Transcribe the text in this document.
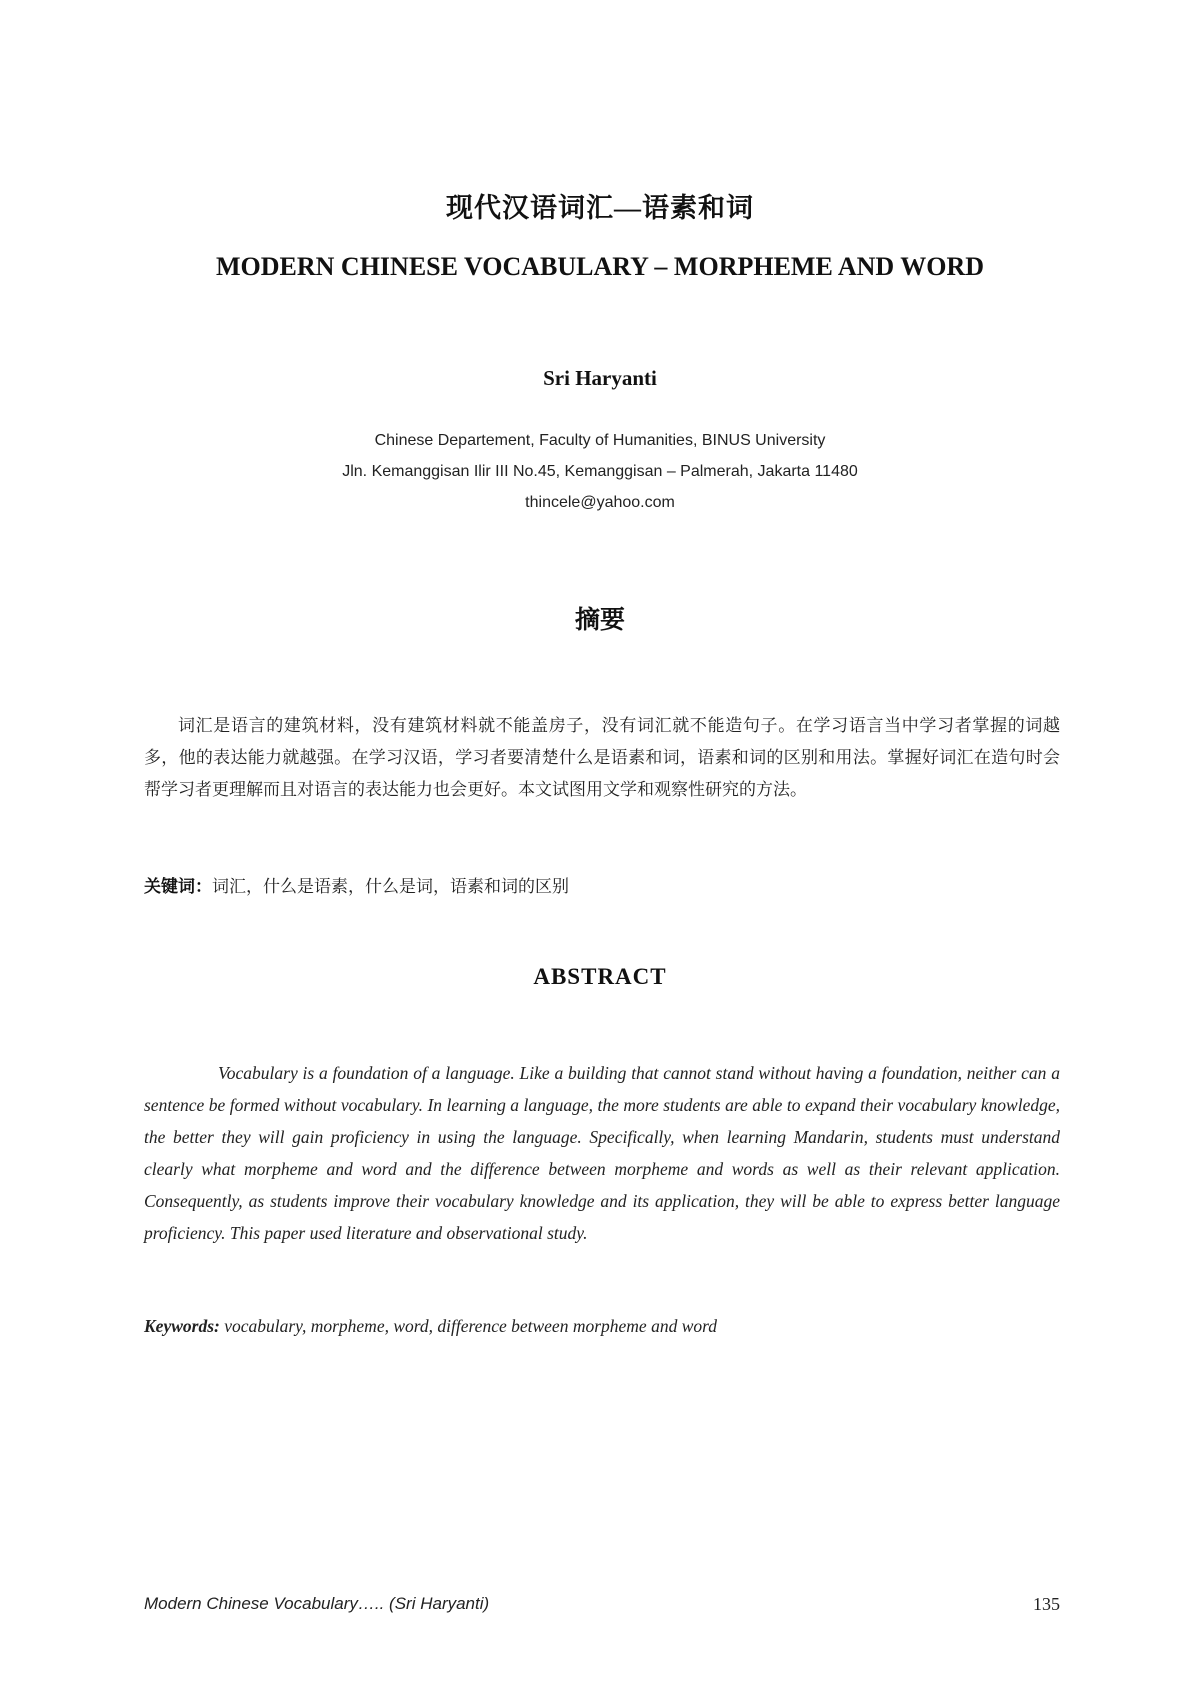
现代汉语词汇—语素和词
MODERN CHINESE VOCABULARY – MORPHEME AND WORD
Sri Haryanti
Chinese Departement, Faculty of Humanities, BINUS University
Jln. Kemanggisan Ilir III No.45, Kemanggisan – Palmerah, Jakarta 11480
thincele@yahoo.com
摘要

词汇是语言的建筑材料，没有建筑材料就不能盖房子，没有词汇就不能造句子。在学习语言当中学习者掌握的词越多，他的表达能力就越强。在学习汉语，学习者要清楚什么是语素和词，语素和词的区别和用法。掌握好词汇在造句时会帮学习者更理解而且对语言的表达能力也会更好。本文试图用文学和观察性研究的方法。

关键词：词汇，什么是语素，什么是词，语素和词的区别
ABSTRACT

Vocabulary is a foundation of a language. Like a building that cannot stand without having a foundation, neither can a sentence be formed without vocabulary. In learning a language, the more students are able to expand their vocabulary knowledge, the better they will gain proficiency in using the language. Specifically, when learning Mandarin, students must understand clearly what morpheme and word and the difference between morpheme and words as well as their relevant application. Consequently, as students improve their vocabulary knowledge and its application, they will be able to express better language proficiency. This paper used literature and observational study.

Keywords: vocabulary, morpheme, word, difference between morpheme and word
Modern Chinese Vocabulary….. (Sri Haryanti)	135
